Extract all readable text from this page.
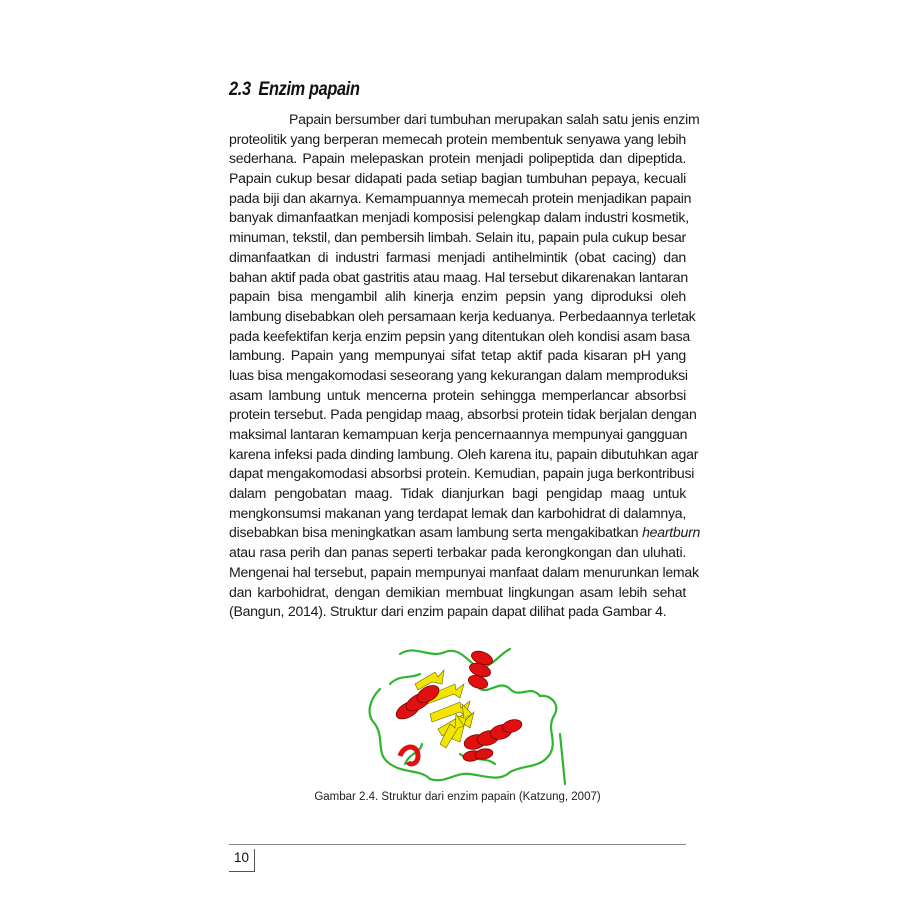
2.3 Enzim papain
Papain bersumber dari tumbuhan merupakan salah satu jenis enzim
proteolitik yang berperan memecah protein membentuk senyawa yang lebih
sederhana. Papain melepaskan protein menjadi polipeptida dan dipeptida.
Papain cukup besar didapati pada setiap bagian tumbuhan pepaya, kecuali
pada biji dan akarnya. Kemampuannya memecah protein menjadikan papain
banyak dimanfaatkan menjadi komposisi pelengkap dalam industri kosmetik,
minuman, tekstil, dan pembersih limbah. Selain itu, papain pula cukup besar
dimanfaatkan di industri farmasi menjadi antihelmintik (obat cacing) dan
bahan aktif pada obat gastritis atau maag. Hal tersebut dikarenakan lantaran
papain bisa mengambil alih kinerja enzim pepsin yang diproduksi oleh
lambung disebabkan oleh persamaan kerja keduanya. Perbedaannya terletak
pada keefektifan kerja enzim pepsin yang ditentukan oleh kondisi asam basa
lambung. Papain yang mempunyai sifat tetap aktif pada kisaran pH yang
luas bisa mengakomodasi seseorang yang kekurangan dalam memproduksi
asam lambung untuk mencerna protein sehingga memperlancar absorbsi
protein tersebut. Pada pengidap maag, absorbsi protein tidak berjalan dengan
maksimal lantaran kemampuan kerja pencernaannya mempunyai gangguan
karena infeksi pada dinding lambung. Oleh karena itu, papain dibutuhkan agar
dapat mengakomodasi absorbsi protein. Kemudian, papain juga berkontribusi
dalam pengobatan maag. Tidak dianjurkan bagi pengidap maag untuk
mengkonsumsi makanan yang terdapat lemak dan karbohidrat di dalamnya,
disebabkan bisa meningkatkan asam lambung serta mengakibatkan heartburn
atau rasa perih dan panas seperti terbakar pada kerongkongan dan uluhati.
Mengenai hal tersebut, papain mempunyai manfaat dalam menurunkan lemak
dan karbohidrat, dengan demikian membuat lingkungan asam lebih sehat
(Bangun, 2014). Struktur dari enzim papain dapat dilihat pada Gambar 4.
Gambar 2.4. Struktur dari enzim papain (Katzung, 2007)
10
